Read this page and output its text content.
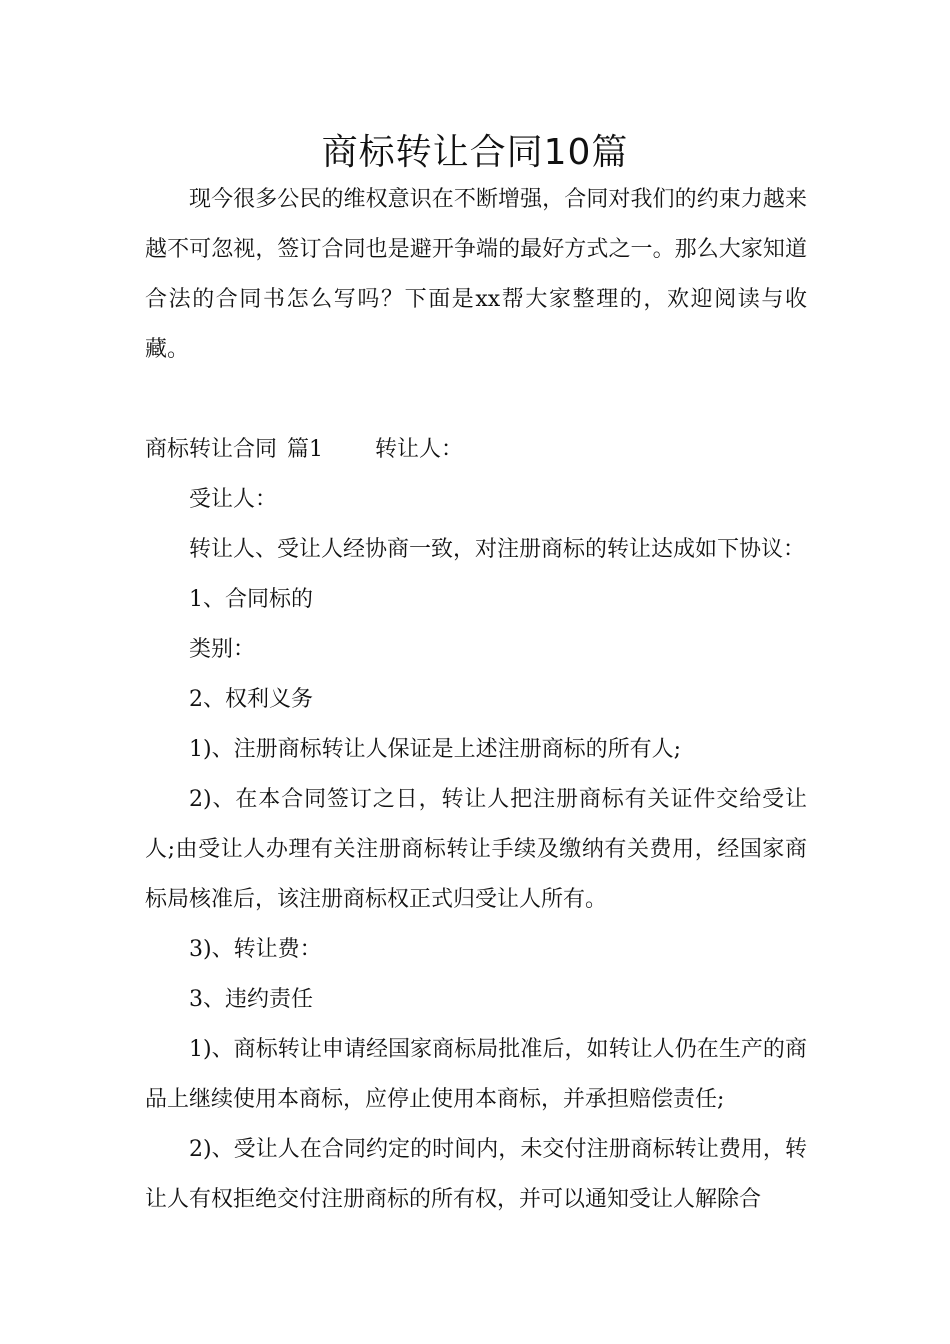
商标转让合同10篇

现今很多公民的维权意识在不断增强，合同对我们的约束力越来越不可忽视，签订合同也是避开争端的最好方式之一。那么大家知道合法的合同书怎么写吗？下面是xx帮大家整理的，欢迎阅读与收藏。

商标转让合同 篇1 转让人：

受让人：

转让人、受让人经协商一致，对注册商标的转让达成如下协议：

1、合同标的

类别：

2、权利义务

1)、注册商标转让人保证是上述注册商标的所有人;

2)、在本合同签订之日，转让人把注册商标有关证件交给受让人;由受让人办理有关注册商标转让手续及缴纳有关费用，经国家商标局核准后，该注册商标权正式归受让人所有。

3)、转让费：

3、违约责任

1)、商标转让申请经国家商标局批准后，如转让人仍在生产的商品上继续使用本商标，应停止使用本商标，并承担赔偿责任;

2)、受让人在合同约定的时间内，未交付注册商标转让费用，转让人有权拒绝交付注册商标的所有权，并可以通知受让人解除合
